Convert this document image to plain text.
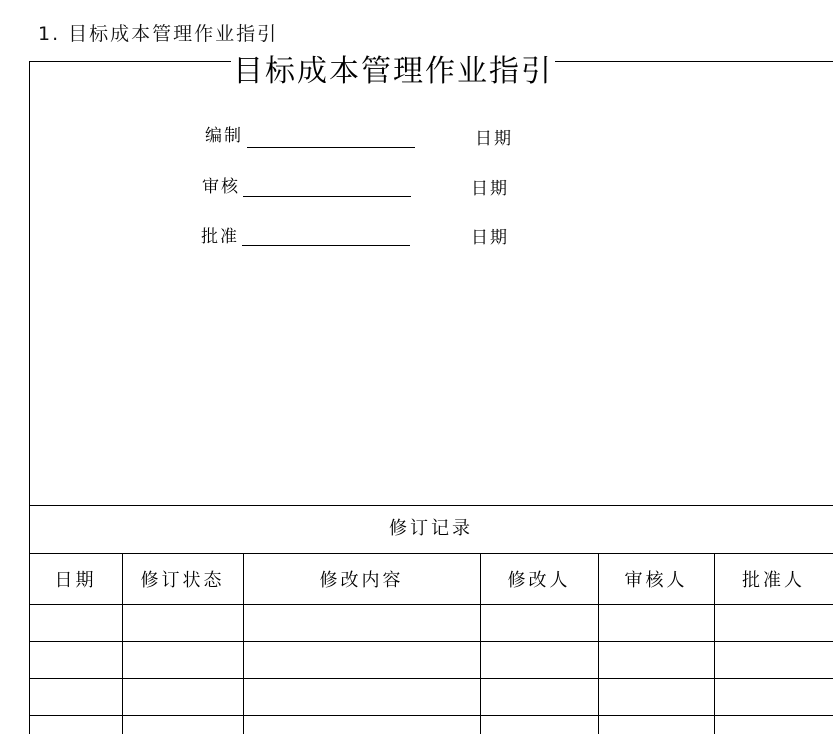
1. 目标成本管理作业指引
目标成本管理作业指引
编制	日期
审核	日期
批准	日期
修订记录
日期	修订状态	修改内容	修改人	审核人	批准人
